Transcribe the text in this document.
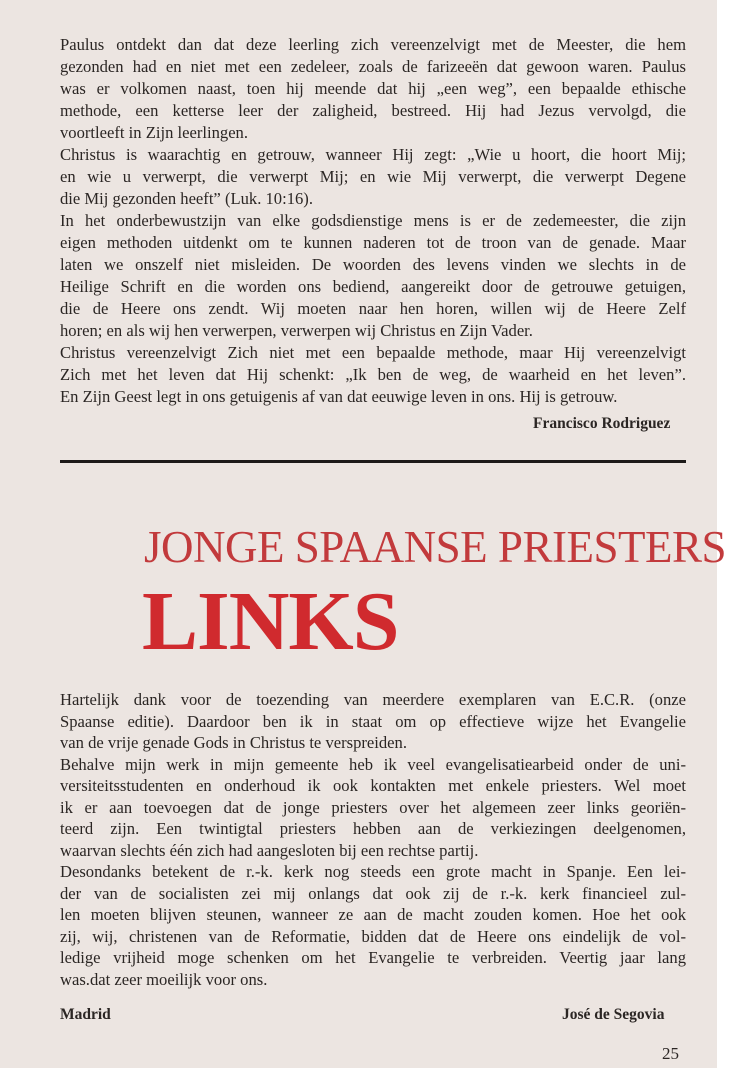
Paulus ontdekt dan dat deze leerling zich vereenzelvigt met de Meester, die hem
gezonden had en niet met een zedeleer, zoals de farizeeën dat gewoon waren. Paulus
was er volkomen naast, toen hij meende dat hij „een weg”, een bepaalde ethische
methode, een ketterse leer der zaligheid, bestreed. Hij had Jezus vervolgd, die
voortleeft in Zijn leerlingen.
Christus is waarachtig en getrouw, wanneer Hij zegt: „Wie u hoort, die hoort Mij;
en wie u verwerpt, die verwerpt Mij; en wie Mij verwerpt, die verwerpt Degene
die Mij gezonden heeft” (Luk. 10:16).
In het onderbewustzijn van elke godsdienstige mens is er de zedemeester, die zijn
eigen methoden uitdenkt om te kunnen naderen tot de troon van de genade. Maar
laten we onszelf niet misleiden. De woorden des levens vinden we slechts in de
Heilige Schrift en die worden ons bediend, aangereikt door de getrouwe getuigen,
die de Heere ons zendt. Wij moeten naar hen horen, willen wij de Heere Zelf
horen; en als wij hen verwerpen, verwerpen wij Christus en Zijn Vader.
Christus vereenzelvigt Zich niet met een bepaalde methode, maar Hij vereenzelvigt
Zich met het leven dat Hij schenkt: „Ik ben de weg, de waarheid en het leven”.
En Zijn Geest legt in ons getuigenis af van dat eeuwige leven in ons. Hij is getrouw.
Francisco Rodriguez
JONGE SPAANSE PRIESTERS
LINKS
Hartelijk dank voor de toezending van meerdere exemplaren van E.C.R. (onze
Spaanse editie). Daardoor ben ik in staat om op effectieve wijze het Evangelie
van de vrije genade Gods in Christus te verspreiden.
Behalve mijn werk in mijn gemeente heb ik veel evangelisatiearbeid onder de uni-
versiteitsstudenten en onderhoud ik ook kontakten met enkele priesters. Wel moet
ik er aan toevoegen dat de jonge priesters over het algemeen zeer links georiën-
teerd zijn. Een twintigtal priesters hebben aan de verkiezingen deelgenomen,
waarvan slechts één zich had aangesloten bij een rechtse partij.
Desondanks betekent de r.-k. kerk nog steeds een grote macht in Spanje. Een lei-
der van de socialisten zei mij onlangs dat ook zij de r.-k. kerk financieel zul-
len moeten blijven steunen, wanneer ze aan de macht zouden komen. Hoe het ook
zij, wij, christenen van de Reformatie, bidden dat de Heere ons eindelijk de vol-
ledige vrijheid moge schenken om het Evangelie te verbreiden. Veertig jaar lang
was.dat zeer moeilijk voor ons.
Madrid	José de Segovia
25
